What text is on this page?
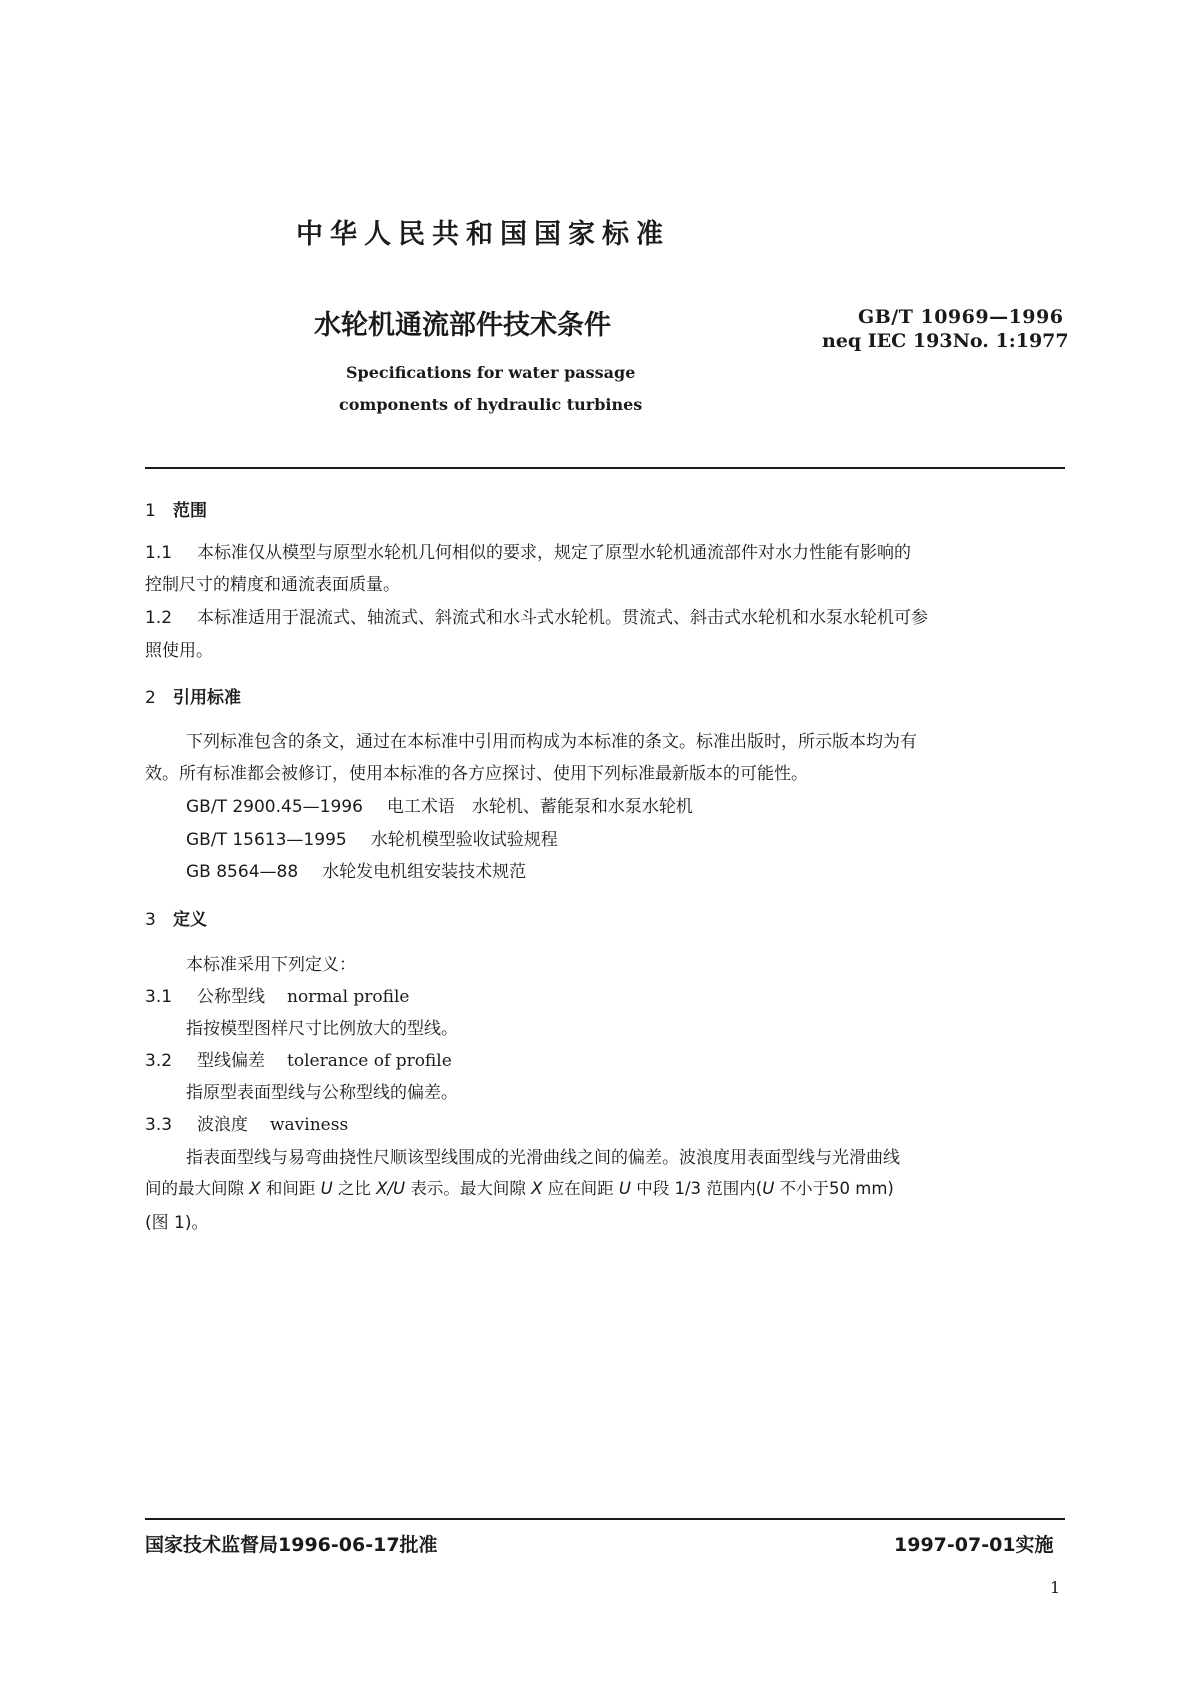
中华人民共和国国家标准
水轮机通流部件技术条件	GB/T 10969—1996
neq IEC 193No. 1:1977
Specifications for water passage
components of hydraulic turbines
1 范围
1.1 本标准仅从模型与原型水轮机几何相似的要求，规定了原型水轮机通流部件对水力性能有影响的
控制尺寸的精度和通流表面质量。
1.2 本标准适用于混流式、轴流式、斜流式和水斗式水轮机。贯流式、斜击式水轮机和水泵水轮机可参
照使用。
2 引用标准
下列标准包含的条文，通过在本标准中引用而构成为本标准的条文。标准出版时，所示版本均为有
效。所有标准都会被修订，使用本标准的各方应探讨、使用下列标准最新版本的可能性。
GB/T 2900.45—1996 电工术语　水轮机、蓄能泵和水泵水轮机
GB/T 15613—1995 水轮机模型验收试验规程
GB 8564—88 水轮发电机组安装技术规范
3 定义
本标准采用下列定义：
3.1 公称型线 normal profile
指按模型图样尺寸比例放大的型线。
3.2 型线偏差 tolerance of profile
指原型表面型线与公称型线的偏差。
3.3 波浪度 waviness
指表面型线与易弯曲挠性尺顺该型线围成的光滑曲线之间的偏差。波浪度用表面型线与光滑曲线
间的最大间隙 X 和间距 U 之比 X/U 表示。最大间隙 X 应在间距 U 中段 1/3 范围内(U 不小于50 mm)
(图 1)。
国家技术监督局1996-06-17批准	1997-07-01实施
1
